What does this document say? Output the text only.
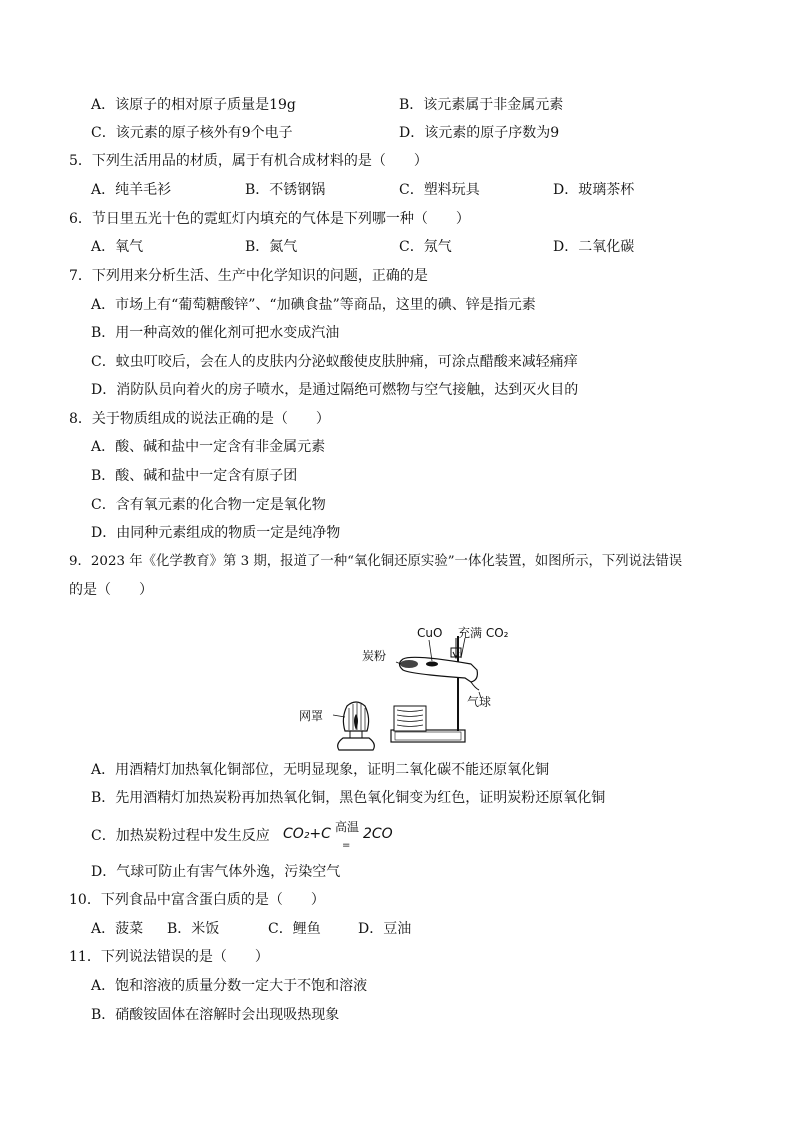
A．该原子的相对原子质量是19g	B．该元素属于非金属元素
C．该元素的原子核外有9个电子	D．该元素的原子序数为9
5．下列生活用品的材质，属于有机合成材料的是（　　）
A．纯羊毛衫	B．不锈钢锅	C．塑料玩具	D．玻璃茶杯
6．节日里五光十色的霓虹灯内填充的气体是下列哪一种（　　）
A．氧气	B．氮气	C．氖气	D．二氧化碳
7．下列用来分析生活、生产中化学知识的问题，正确的是
A．市场上有“葡萄糖酸锌”、“加碘食盐”等商品，这里的碘、锌是指元素
B．用一种高效的催化剂可把水变成汽油
C．蚊虫叮咬后，会在人的皮肤内分泌蚁酸使皮肤肿痛，可涂点醋酸来减轻痛痒
D．消防队员向着火的房子喷水，是通过隔绝可燃物与空气接触，达到灭火目的
8．关于物质组成的说法正确的是（　　）
A．酸、碱和盐中一定含有非金属元素
B．酸、碱和盐中一定含有原子团
C．含有氧元素的化合物一定是氧化物
D．由同种元素组成的物质一定是纯净物
9．2023 年《化学教育》第 3 期，报道了一种“氧化铜还原实验”一体化装置，如图所示，下列说法错误
的是（　　）
CuO 充满 CO₂
炭粉
气球
网罩
A．用酒精灯加热氧化铜部位，无明显现象，证明二氧化碳不能还原氧化铜
B．先用酒精灯加热炭粉再加热氧化铜，黑色氧化铜变为红色，证明炭粉还原氧化铜
C．加热炭粉过程中发生反应 CO₂+C 高温
=
2CO
D．气球可防止有害气体外逸，污染空气
10．下列食品中富含蛋白质的是（　　）
A．菠菜 B．米饭	C．鲤鱼	D．豆油
11．下列说法错误的是（　　）
A．饱和溶液的质量分数一定大于不饱和溶液
B．硝酸铵固体在溶解时会出现吸热现象
